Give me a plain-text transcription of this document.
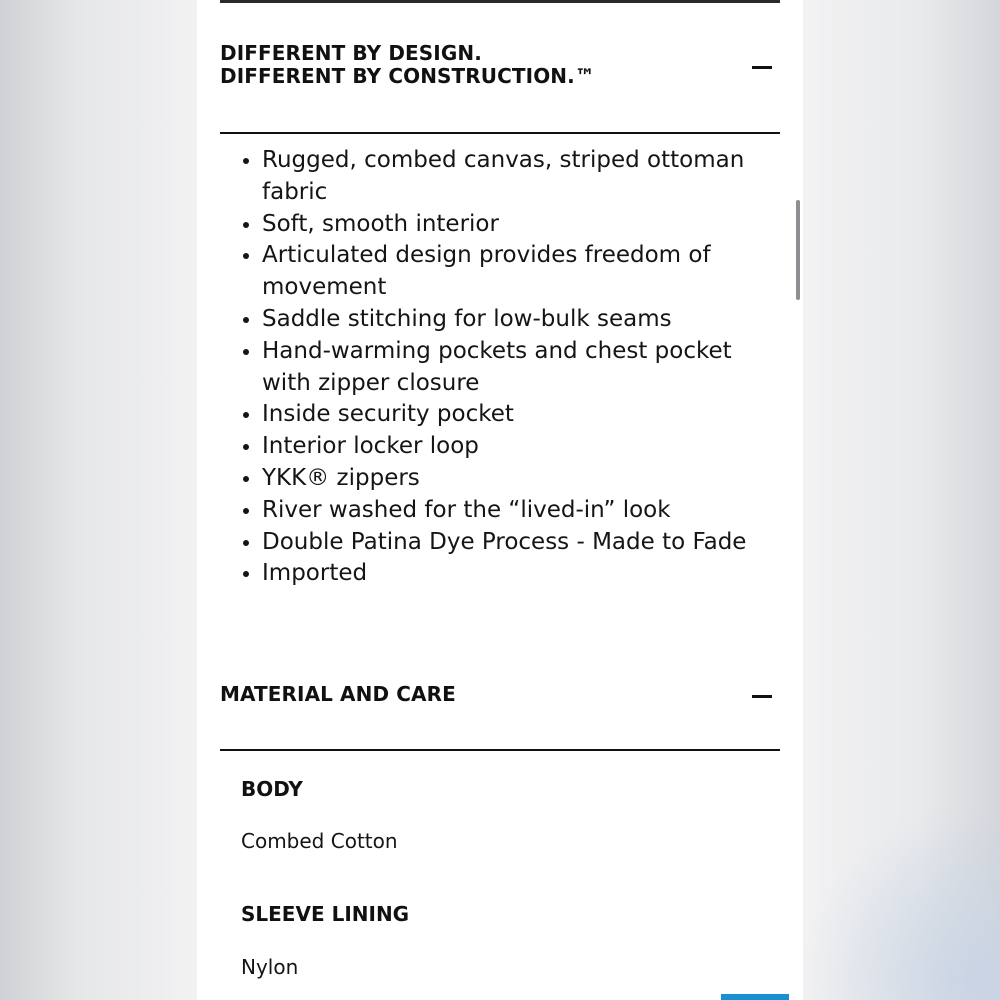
DIFFERENT BY DESIGN.

DIFFERENT BY CONSTRUCTION.™

• Rugged, combed canvas, striped ottoman fabric
• Soft, smooth interior
• Articulated design provides freedom of movement
• Saddle stitching for low-bulk seams
• Hand-warming pockets and chest pocket with zipper closure
• Inside security pocket
• Interior locker loop
• YKK® zippers
• River washed for the “lived-in” look
• Double Patina Dye Process - Made to Fade
• Imported

MATERIAL AND CARE

BODY
Combed Cotton
SLEEVE LINING
Nylon
